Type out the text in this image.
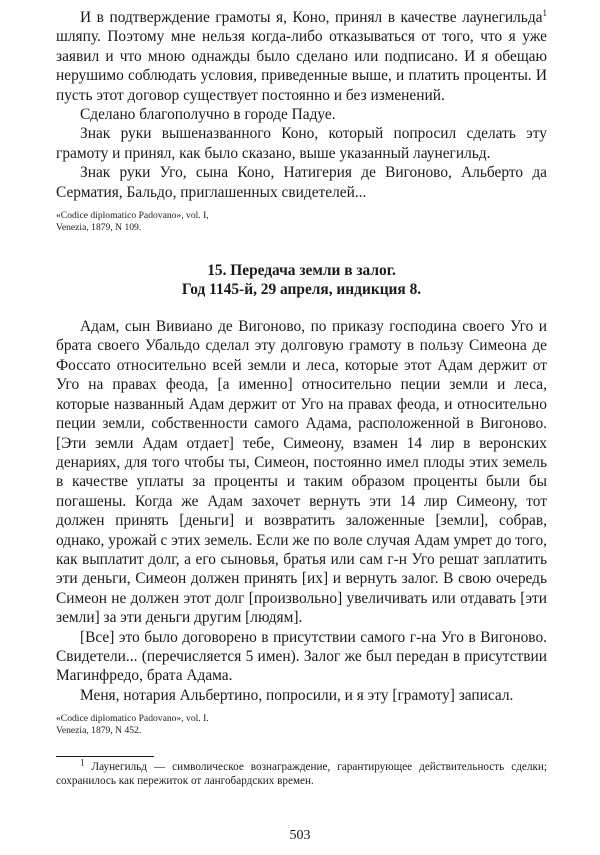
И в подтверждение грамоты я, Коно, принял в качестве лаунегильда$^1$ шляпу. Поэтому мне нельзя когда-либо отказываться от того, что я уже заявил и что мною однажды было сделано или подписано. И я обещаю нерушимо соблюдать условия, приведенные выше, и платить проценты. И пусть этот договор существует постоянно и без изменений.

Сделано благополучно в городе Падуе.

Знак руки вышеназванного Коно, который попросил сделать эту грамоту и принял, как было сказано, выше указанный лаунегильд.

Знак руки Уго, сына Коно, Натигерия де Вигоново, Альберто да Серматия, Бальдо, приглашенных свидетелей...

«Codice diplomatico Padovano», vol. I,
Venezia, 1879, N 109.
15. Передача земли в залог.
Год 1145-й, 29 апреля, индикция 8.

Адам, сын Вивиано де Вигоново, по приказу господина своего Уго и брата своего Убальдо сделал эту долговую грамоту в пользу Симеона де Фоссато относительно всей земли и леса, которые этот Адам держит от Уго на правах феода, [а именно] относительно пеции земли и леса, которые названный Адам держит от Уго на правах феода, и относительно пеции земли, собственности самого Адама, расположенной в Вигоново. [Эти земли Адам отдает] тебе, Симеону, взамен 14 лир в веронских денариях, для того чтобы ты, Симеон, постоянно имел плоды этих земель в качестве уплаты за проценты и таким образом проценты были бы погашены. Когда же Адам захочет вернуть эти 14 лир Симеону, тот должен принять [деньги] и возвратить заложенные [земли], собрав, однако, урожай с этих земель. Если же по воле случая Адам умрет до того, как выплатит долг, а его сыновья, братья или сам г-н Уго решат заплатить эти деньги, Симеон должен принять [их] и вернуть залог. В свою очередь Симеон не должен этот долг [произвольно] увеличивать или отдавать [эти земли] за эти деньги другим [людям].

[Все] это было договорено в присутствии самого г-на Уго в Вигоново. Свидетели... (перечисляется 5 имен). Залог же был передан в присутствии Магинфредо, брата Адама.

Меня, нотария Альбертино, попросили, и я эту [грамоту] записал.

«Codice diplomatico Padovano», vol. I.
Venezia, 1879, N 452.

$^1$ Лаунегильд — символическое вознаграждение, гарантирующее действительность сделки; сохранилось как пережиток от лангобардских времен.

503
